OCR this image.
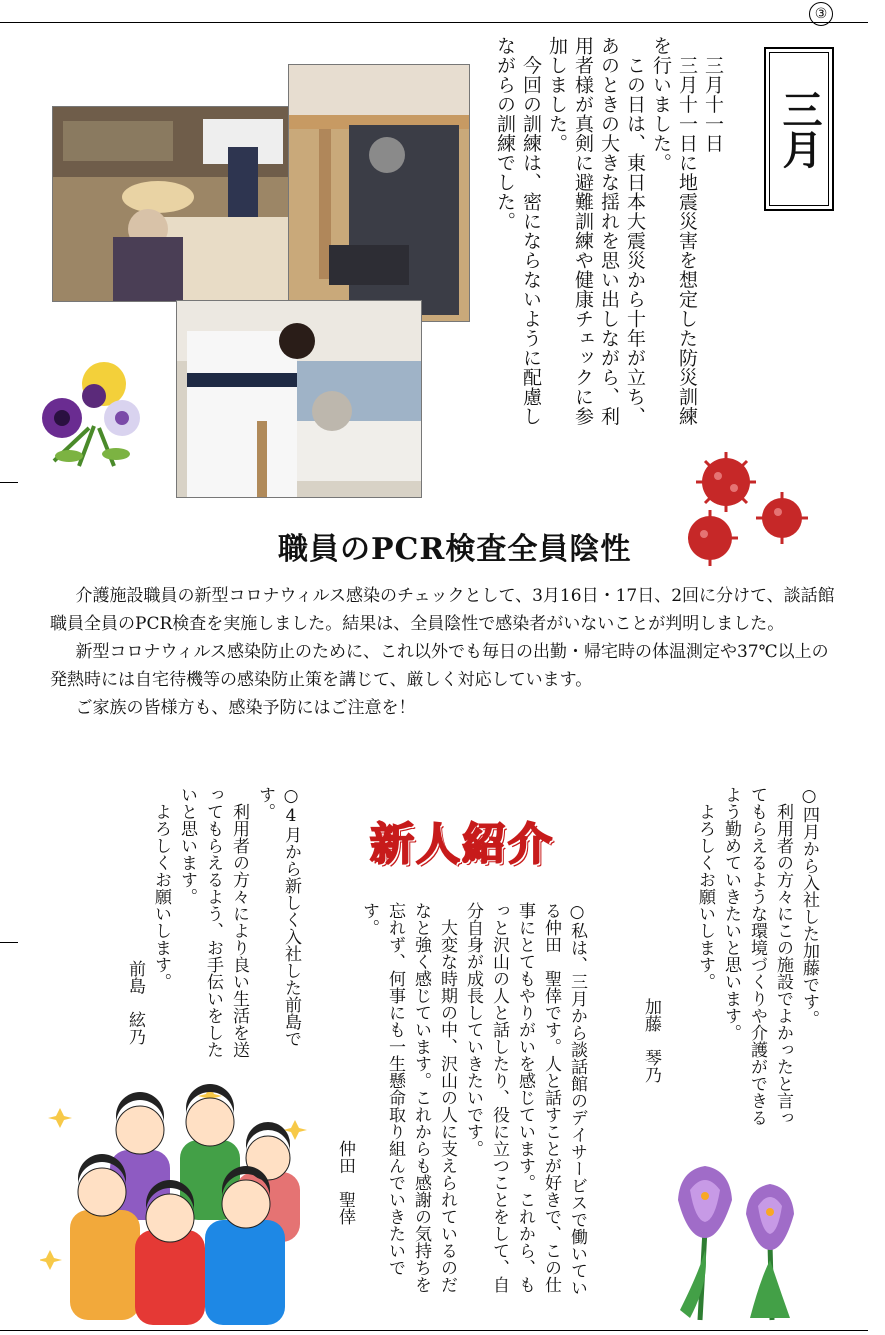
③
三月
　三月十一日
　三月十一日に地震災害を想定した防災訓練を行いました。
　この日は、東日本大震災から十年が立ち、あのときの大きな揺れを思い出しながら、利用者様が真剣に避難訓練や健康チェックに参加しました。
　今回の訓練は、密にならないように配慮しながらの訓練でした。
職員のPCR検査全員陰性

介護施設職員の新型コロナウィルス感染のチェックとして、3月16日・17日、2回に分けて、談話館職員全員のPCR検査を実施しました。結果は、全員陰性で感染者がいないことが判明しました。

新型コロナウィルス感染防止のために、これ以外でも毎日の出勤・帰宅時の体温測定や37℃以上の発熱時には自宅待機等の感染防止策を講じて、厳しく対応しています。

ご家族の皆様方も、感染予防にはご注意を！

新人紹介	○四月から入社した加藤です。
　利用者の方々にこの施設でよかったと言ってもらえるような環境づくりや介護ができるよう勤めていきたいと思います。
　よろしくお願いします。
加藤　琴乃
○私は、三月から談話館のデイサービスで働いている仲田　聖倖です。人と話すことが好きで、この仕事にとてもやりがいを感じています。これから、もっと沢山の人と話したり、役に立つことをして、自分自身が成長していきたいです。
　大変な時期の中、沢山の人に支えられているのだなと強く感じています。これからも感謝の気持ちを忘れず、何事にも一生懸命取り組んでいきたいです。
仲田　聖倖
○4月から新しく入社した前島です。
　利用者の方々により良い生活を送ってもらえるよう、お手伝いをしたいと思います。
　よろしくお願いします。
前島　絃乃
